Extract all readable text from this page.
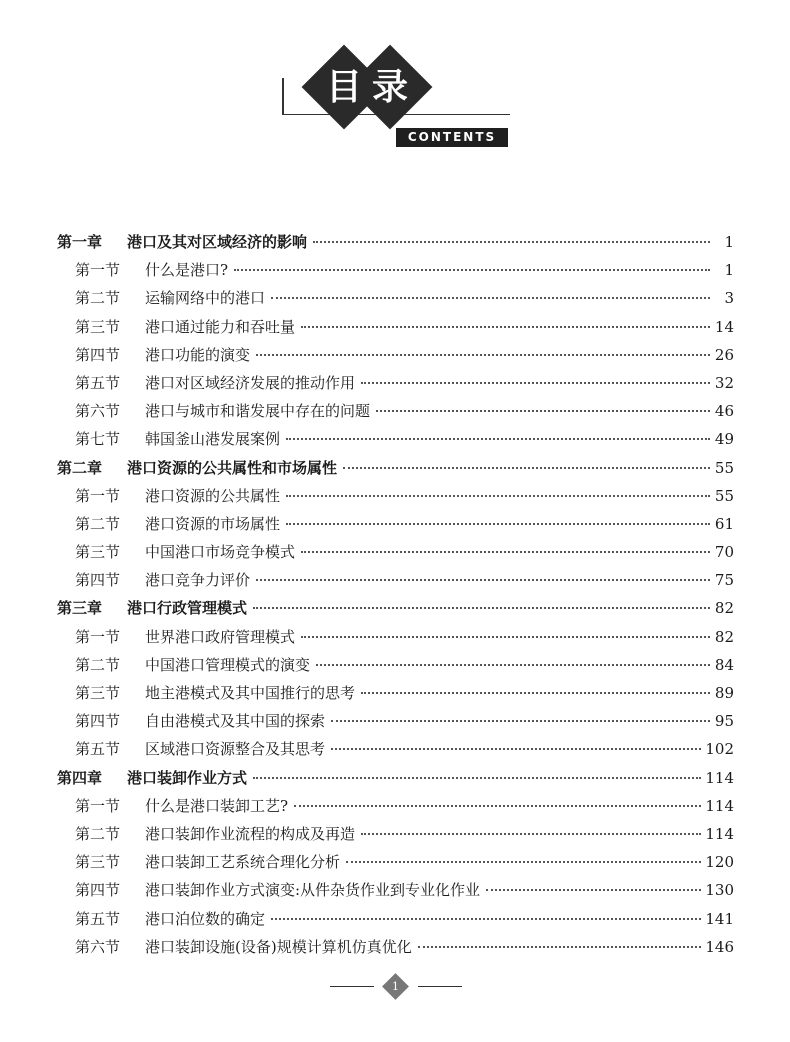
目 录
CONTENTS
第一章	港口及其对区域经济的影响	1
第一节	什么是港口?	1
第二节	运输网络中的港口	3
第三节	港口通过能力和吞吐量	14
第四节	港口功能的演变	26
第五节	港口对区域经济发展的推动作用	32
第六节	港口与城市和谐发展中存在的问题	46
第七节	韩国釜山港发展案例	49
第二章	港口资源的公共属性和市场属性	55
第一节	港口资源的公共属性	55
第二节	港口资源的市场属性	61
第三节	中国港口市场竞争模式	70
第四节	港口竞争力评价	75
第三章	港口行政管理模式	82
第一节	世界港口政府管理模式	82
第二节	中国港口管理模式的演变	84
第三节	地主港模式及其中国推行的思考	89
第四节	自由港模式及其中国的探索	95
第五节	区域港口资源整合及其思考	102
第四章	港口装卸作业方式	114
第一节	什么是港口装卸工艺?	114
第二节	港口装卸作业流程的构成及再造	114
第三节	港口装卸工艺系统合理化分析	120
第四节	港口装卸作业方式演变:从件杂货作业到专业化作业	130
第五节	港口泊位数的确定	141
第六节	港口装卸设施(设备)规模计算机仿真优化	146
1
